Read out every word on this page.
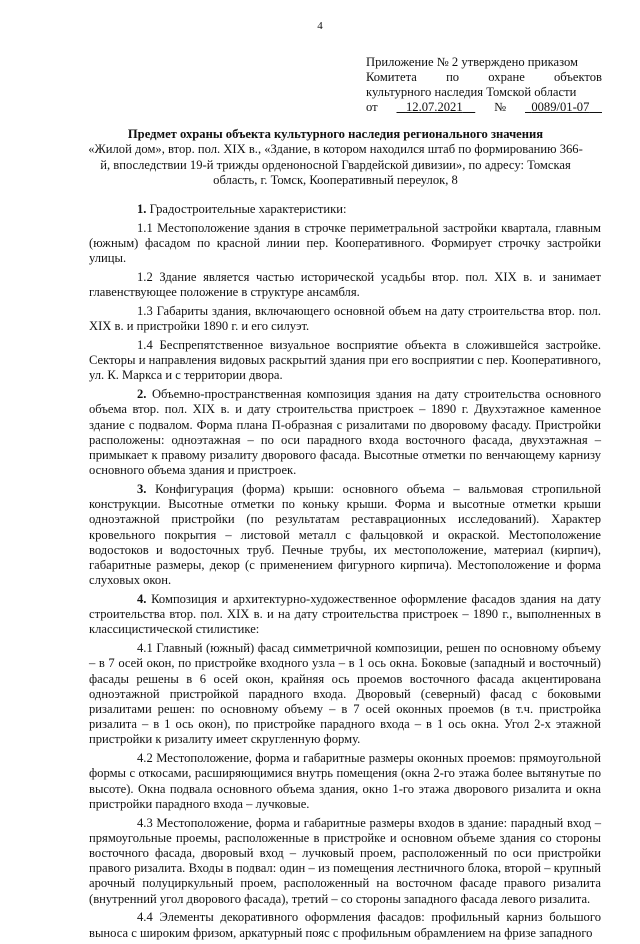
4
Приложение № 2 утверждено приказом
Комитета по охране объектов
культурного наследия Томской области
от	12.07.2021	№	0089/01-07
Предмет охраны объекта культурного наследия регионального значения
«Жилой дом», втор. пол. XIX в., «Здание, в котором находился штаб по формированию 366-й, впоследствии 19-й трижды орденоносной Гвардейской дивизии», по адресу: Томская область, г. Томск, Кооперативный переулок, 8

1. Градостроительные характеристики:

1.1 Местоположение здания в строчке периметральной застройки квартала, главным (южным) фасадом по красной линии пер. Кооперативного. Формирует строчку застройки улицы.

1.2 Здание является частью исторической усадьбы втор. пол. XIX в. и занимает главенствующее положение в структуре ансамбля.

1.3 Габариты здания, включающего основной объем на дату строительства втор. пол. XIX в. и пристройки 1890 г. и его силуэт.

1.4 Беспрепятственное визуальное восприятие объекта в сложившейся застройке. Секторы и направления видовых раскрытий здания при его восприятии с пер. Кооперативного, ул. К. Маркса и с территории двора.

2. Объемно-пространственная композиция здания на дату строительства основного объема втор. пол. XIX в. и дату строительства пристроек – 1890 г. Двухэтажное каменное здание с подвалом. Форма плана П-образная с ризалитами по дворовому фасаду. Пристройки расположены: одноэтажная – по оси парадного входа восточного фасада, двухэтажная – примыкает к правому ризалиту дворового фасада. Высотные отметки по венчающему карнизу основного объема здания и пристроек.

3. Конфигурация (форма) крыши: основного объема – вальмовая стропильной конструкции. Высотные отметки по коньку крыши. Форма и высотные отметки крыши одноэтажной пристройки (по результатам реставрационных исследований). Характер кровельного покрытия – листовой металл с фальцовкой и окраской. Местоположение водостоков и водосточных труб. Печные трубы, их местоположение, материал (кирпич), габаритные размеры, декор (с применением фигурного кирпича). Местоположение и форма слуховых окон.

4. Композиция и архитектурно-художественное оформление фасадов здания на дату строительства втор. пол. XIX в. и на дату строительства пристроек – 1890 г., выполненных в классицистической стилистике:

4.1 Главный (южный) фасад симметричной композиции, решен по основному объему – в 7 осей окон, по пристройке входного узла – в 1 ось окна. Боковые (западный и восточный) фасады решены в 6 осей окон, крайняя ось проемов восточного фасада акцентирована одноэтажной пристройкой парадного входа. Дворовый (северный) фасад с боковыми ризалитами решен: по основному объему – в 7 осей оконных проемов (в т.ч. пристройка ризалита – в 1 ось окон), по пристройке парадного входа – в 1 ось окна. Угол 2-х этажной пристройки к ризалиту имеет скругленную форму.

4.2 Местоположение, форма и габаритные размеры оконных проемов: прямоугольной формы с откосами, расширяющимися внутрь помещения (окна 2-го этажа более вытянутые по высоте). Окна подвала основного объема здания, окно 1-го этажа дворового ризалита и окна пристройки парадного входа – лучковые.

4.3 Местоположение, форма и габаритные размеры входов в здание: парадный вход – прямоугольные проемы, расположенные в пристройке и основном объеме здания со стороны восточного фасада, дворовый вход – лучковый проем, расположенный по оси пристройки правого ризалита. Входы в подвал: один – из помещения лестничного блока, второй – крупный арочный полуциркульный проем, расположенный на восточном фасаде правого ризалита (внутренний угол дворового фасада), третий – со стороны западного фасада левого ризалита.

4.4 Элементы декоративного оформления фасадов: профильный карниз большого выноса с широким фризом, аркатурный пояс с профильным обрамлением на фризе западного
